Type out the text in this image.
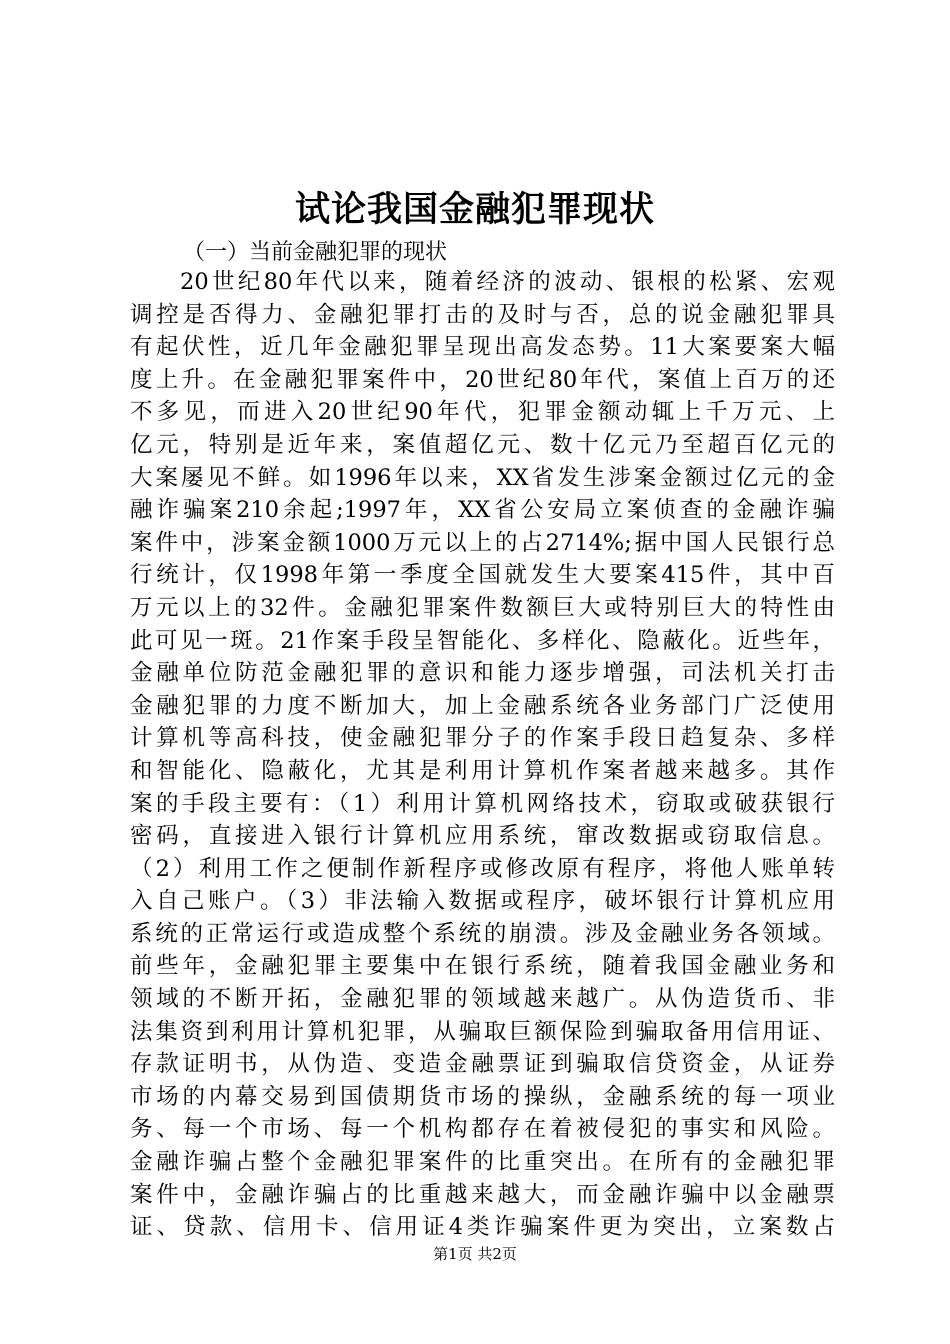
试论我国金融犯罪现状
（一）当前金融犯罪的现状
20世纪80年代以来，随着经济的波动、银根的松紧、宏观
调控是否得力、金融犯罪打击的及时与否，总的说金融犯罪具
有起伏性，近几年金融犯罪呈现出高发态势。11大案要案大幅
度上升。在金融犯罪案件中，20世纪80年代，案值上百万的还
不多见，而进入20世纪90年代，犯罪金额动辄上千万元、上
亿元，特别是近年来，案值超亿元、数十亿元乃至超百亿元的
大案屡见不鲜。如1996年以来，XX省发生涉案金额过亿元的金
融诈骗案210余起;1997年，XX省公安局立案侦查的金融诈骗
案件中，涉案金额1000万元以上的占2714%;据中国人民银行总
行统计，仅1998年第一季度全国就发生大要案415件，其中百
万元以上的32件。金融犯罪案件数额巨大或特别巨大的特性由
此可见一斑。21作案手段呈智能化、多样化、隐蔽化。近些年，
金融单位防范金融犯罪的意识和能力逐步增强，司法机关打击
金融犯罪的力度不断加大，加上金融系统各业务部门广泛使用
计算机等高科技，使金融犯罪分子的作案手段日趋复杂、多样
和智能化、隐蔽化，尤其是利用计算机作案者越来越多。其作
案的手段主要有：（1）利用计算机网络技术，窃取或破获银行
密码，直接进入银行计算机应用系统，窜改数据或窃取信息。
（2）利用工作之便制作新程序或修改原有程序，将他人账单转
入自己账户。（3）非法输入数据或程序，破坏银行计算机应用
系统的正常运行或造成整个系统的崩溃。涉及金融业务各领域。
前些年，金融犯罪主要集中在银行系统，随着我国金融业务和
领域的不断开拓，金融犯罪的领域越来越广。从伪造货币、非
法集资到利用计算机犯罪，从骗取巨额保险到骗取备用信用证、
存款证明书，从伪造、变造金融票证到骗取信贷资金，从证券
市场的内幕交易到国债期货市场的操纵，金融系统的每一项业
务、每一个市场、每一个机构都存在着被侵犯的事实和风险。
金融诈骗占整个金融犯罪案件的比重突出。在所有的金融犯罪
案件中，金融诈骗占的比重越来越大，而金融诈骗中以金融票
证、贷款、信用卡、信用证4类诈骗案件更为突出，立案数占
第1页 共2页
